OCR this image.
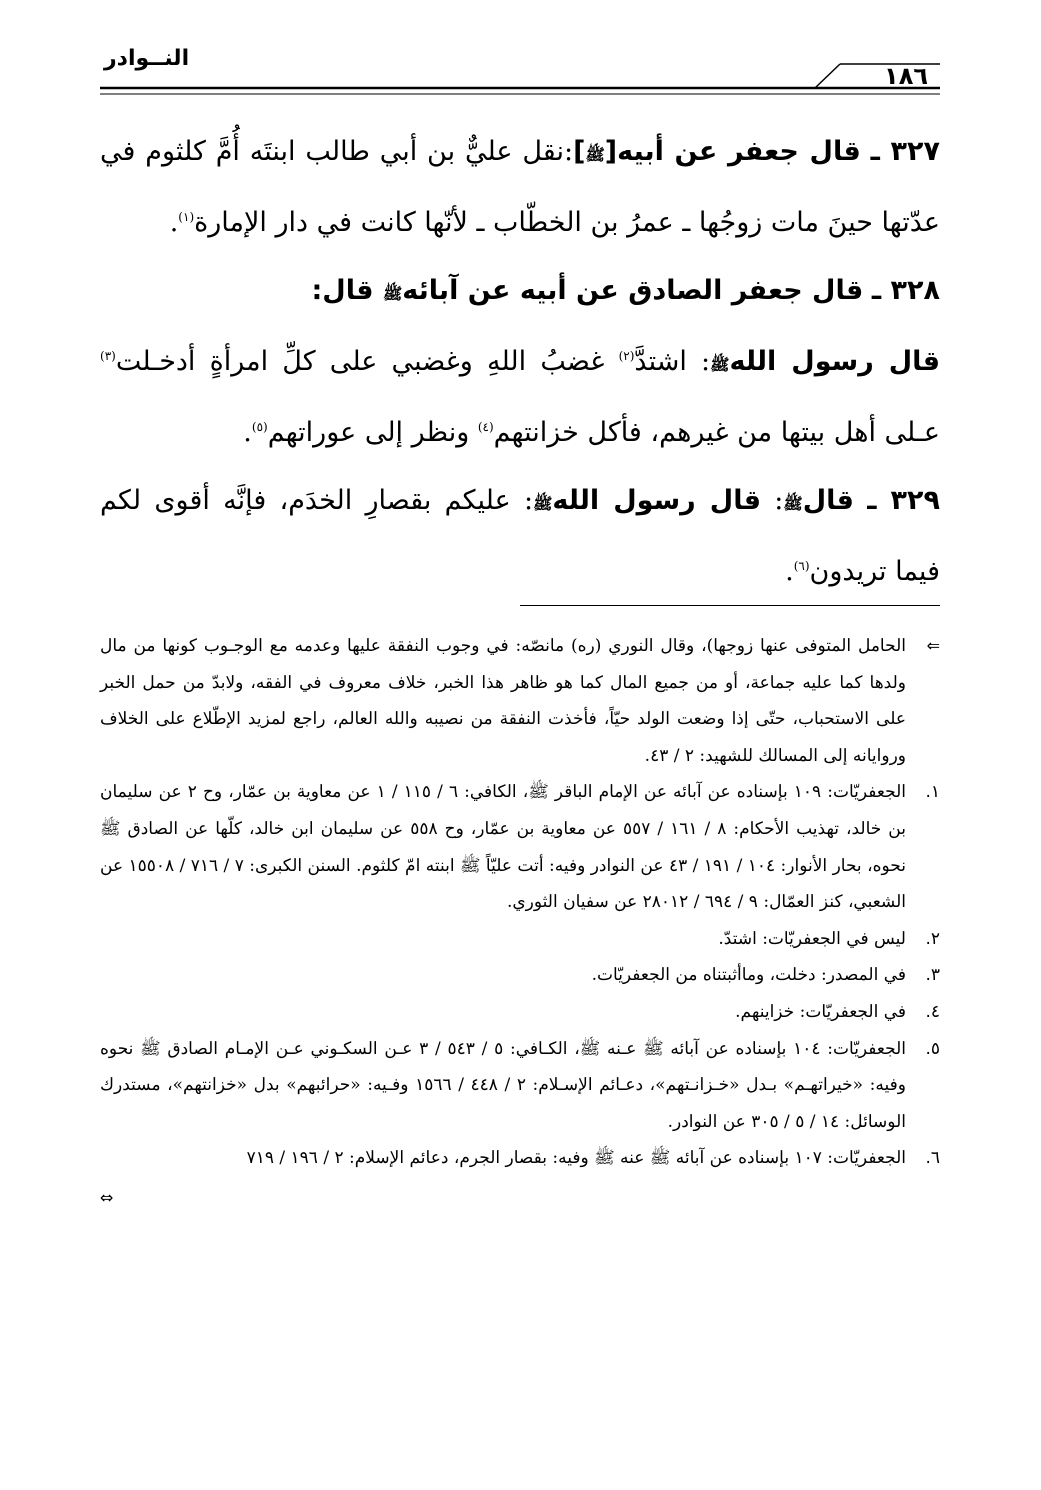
١٨٦
النــوادر

٣٢٧ ـ قال جعفر عن أبيه[ﷺ]:نقل عليٌّ بن أبي طالب ابنتَه أُمَّ كلثوم في عدّتها حينَ مات زوجُها ـ عمرُ بن الخطّاب ـ لأنّها كانت في دار الإمارة$^{(١)}$.

٣٢٨ ـ قال جعفر الصادق عن أبيه عن آبائهﷺ قال:

قال رسول اللهﷺ: اشتدَّ$^{(٢)}$ غضبُ اللهِ وغضبي على كلِّ امرأةٍ أدخـلت$^{(٣)}$ عـلى أهل بيتها من غيرهم، فأكل خزانتهم$^{(٤)}$ ونظر إلى عوراتهم$^{(٥)}$.

٣٢٩ ـ قالﷺ: قال رسول اللهﷺ: عليكم بقصارِ الخدَم، فإنَّه أقوى لكم فيما تريدون$^{(٦)}$.

⇐
الحامل المتوفى عنها زوجها)، وقال النوري (ره) مانصّه: في وجوب النفقة عليها وعدمه مع الوجـوب كونها من مال ولدها كما عليه جماعة، أو من جميع المال كما هو ظاهر هذا الخبر، خلاف معروف في الفقه، ولابدّ من حمل الخبر على الاستحباب، حتّى إذا وضعت الولد حيّاً، فأخذت النفقة من نصيبه والله العالم، راجع لمزيد الإطّلاع على الخلاف وروايانه إلى المسالك للشهيد: ٢ / ٤٣.

١.
الجعفريّات: ١٠٩ بإسناده عن آبائه عن الإمام الباقر ﷺ، الكافي: ٦ / ١١٥ / ١ عن معاوية بن عمّار، وح ٢ عن سليمان بن خالد، تهذيب الأحكام: ٨ / ١٦١ / ٥٥٧ عن معاوية بن عمّار، وح ٥٥٨ عن سليمان ابن خالد، كلّها عن الصادق ﷺ نحوه، بحار الأنوار: ١٠٤ / ١٩١ / ٤٣ عن النوادر وفيه: أتت عليّاً ﷺ ابنته امّ كلثوم. السنن الكبرى: ٧ / ٧١٦ / ١٥٥٠٨ عن الشعبي، كنز العمّال: ٩ / ٦٩٤ / ٢٨٠١٢ عن سفيان الثوري.

٢.
ليس في الجعفريّات: اشتدّ.

٣.
في المصدر: دخلت، وماأثبتناه من الجعفريّات.

٤.
في الجعفريّات: خزاينهم.

٥.
الجعفريّات: ١٠٤ بإسناده عن آبائه ﷺ عـنه ﷺ، الكـافي: ٥ / ٥٤٣ / ٣ عـن السكـوني عـن الإمـام الصادق ﷺ نحوه وفيه: «خيراتهـم» بـدل «خـزانـتهم»، دعـائم الإسـلام: ٢ / ٤٤٨ / ١٥٦٦ وفـيه: «حرائبهم» بدل «خزانتهم»، مستدرك الوسائل: ١٤ / ٥ / ٣٠٥ عن النوادر.

٦.
الجعفريّات: ١٠٧ بإسناده عن آبائه ﷺ عنه ﷺ وفيه: بقصار الجرم، دعائم الإسلام: ٢ / ١٩٦ / ٧١٩

⇔
